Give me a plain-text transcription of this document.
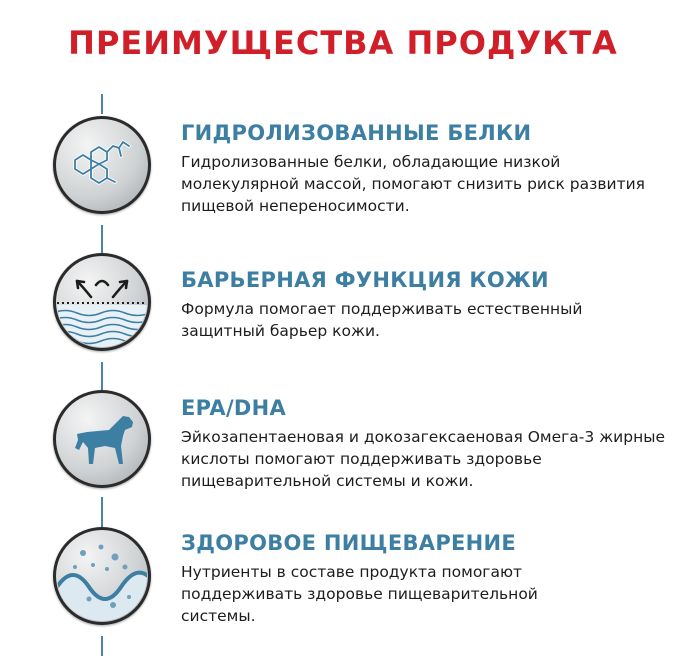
ПРЕИМУЩЕСТВА ПРОДУКТА
ГИДРОЛИЗОВАННЫЕ БЕЛКИ

Гидролизованные белки, обладающие низкой молекулярной массой, помогают снизить риск развития пищевой непереносимости.

БАРЬЕРНАЯ ФУНКЦИЯ КОЖИ

Формула помогает поддерживать естественный защитный барьер кожи.

EPA/DHA

Эйкозапентаеновая и докозагексаеновая Омега-3 жирные кислоты помогают поддерживать здоровье пищеварительной системы и кожи.

ЗДОРОВОЕ ПИЩЕВАРЕНИЕ

Нутриенты в составе продукта помогают поддерживать здоровье пищеварительной системы.
